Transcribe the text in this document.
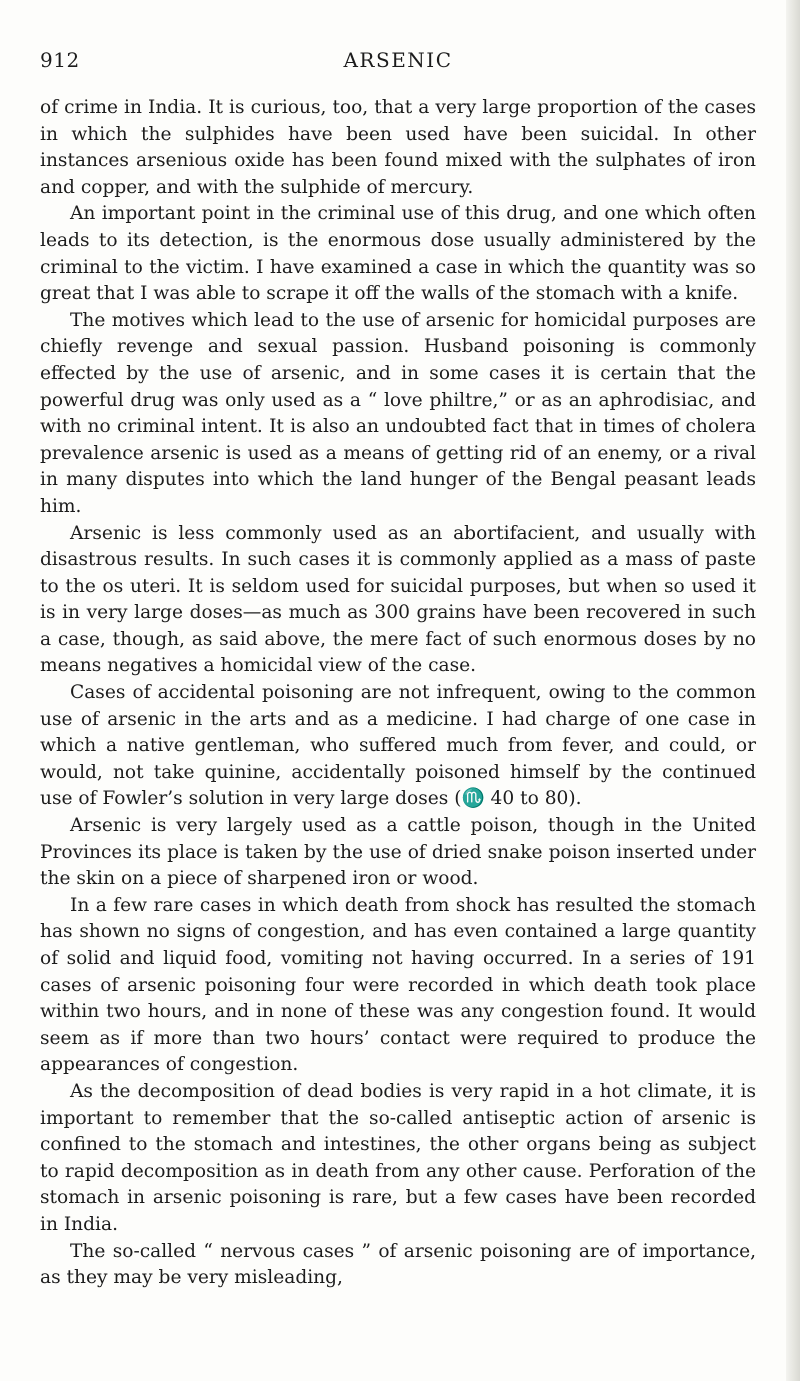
912	ARSENIC

of crime in India. It is curious, too, that a very large proportion of the cases in which the sulphides have been used have been suicidal. In other instances arsenious oxide has been found mixed with the sulphates of iron and copper, and with the sulphide of mercury.

An important point in the criminal use of this drug, and one which often leads to its detection, is the enormous dose usually administered by the criminal to the victim. I have examined a case in which the quantity was so great that I was able to scrape it off the walls of the stomach with a knife.

The motives which lead to the use of arsenic for homicidal purposes are chiefly revenge and sexual passion. Husband poisoning is commonly effected by the use of arsenic, and in some cases it is certain that the powerful drug was only used as a “ love philtre,” or as an aphrodisiac, and with no criminal intent. It is also an undoubted fact that in times of cholera prevalence arsenic is used as a means of getting rid of an enemy, or a rival in many disputes into which the land hunger of the Bengal peasant leads him.

Arsenic is less commonly used as an abortifacient, and usually with disastrous results. In such cases it is commonly applied as a mass of paste to the os uteri. It is seldom used for suicidal purposes, but when so used it is in very large doses—as much as 300 grains have been recovered in such a case, though, as said above, the mere fact of such enormous doses by no means negatives a homicidal view of the case.

Cases of accidental poisoning are not infrequent, owing to the common use of arsenic in the arts and as a medicine. I had charge of one case in which a native gentleman, who suffered much from fever, and could, or would, not take quinine, accidentally poisoned himself by the continued use of Fowler’s solution in very large doses (♏ 40 to 80).

Arsenic is very largely used as a cattle poison, though in the United Provinces its place is taken by the use of dried snake poison inserted under the skin on a piece of sharpened iron or wood.

In a few rare cases in which death from shock has resulted the stomach has shown no signs of congestion, and has even contained a large quantity of solid and liquid food, vomiting not having occurred. In a series of 191 cases of arsenic poisoning four were recorded in which death took place within two hours, and in none of these was any congestion found. It would seem as if more than two hours’ contact were required to produce the appearances of congestion.

As the decomposition of dead bodies is very rapid in a hot climate, it is important to remember that the so-called antiseptic action of arsenic is confined to the stomach and intestines, the other organs being as subject to rapid decomposition as in death from any other cause. Perforation of the stomach in arsenic poisoning is rare, but a few cases have been recorded in India.

The so-called “ nervous cases ” of arsenic poisoning are of importance, as they may be very misleading,
